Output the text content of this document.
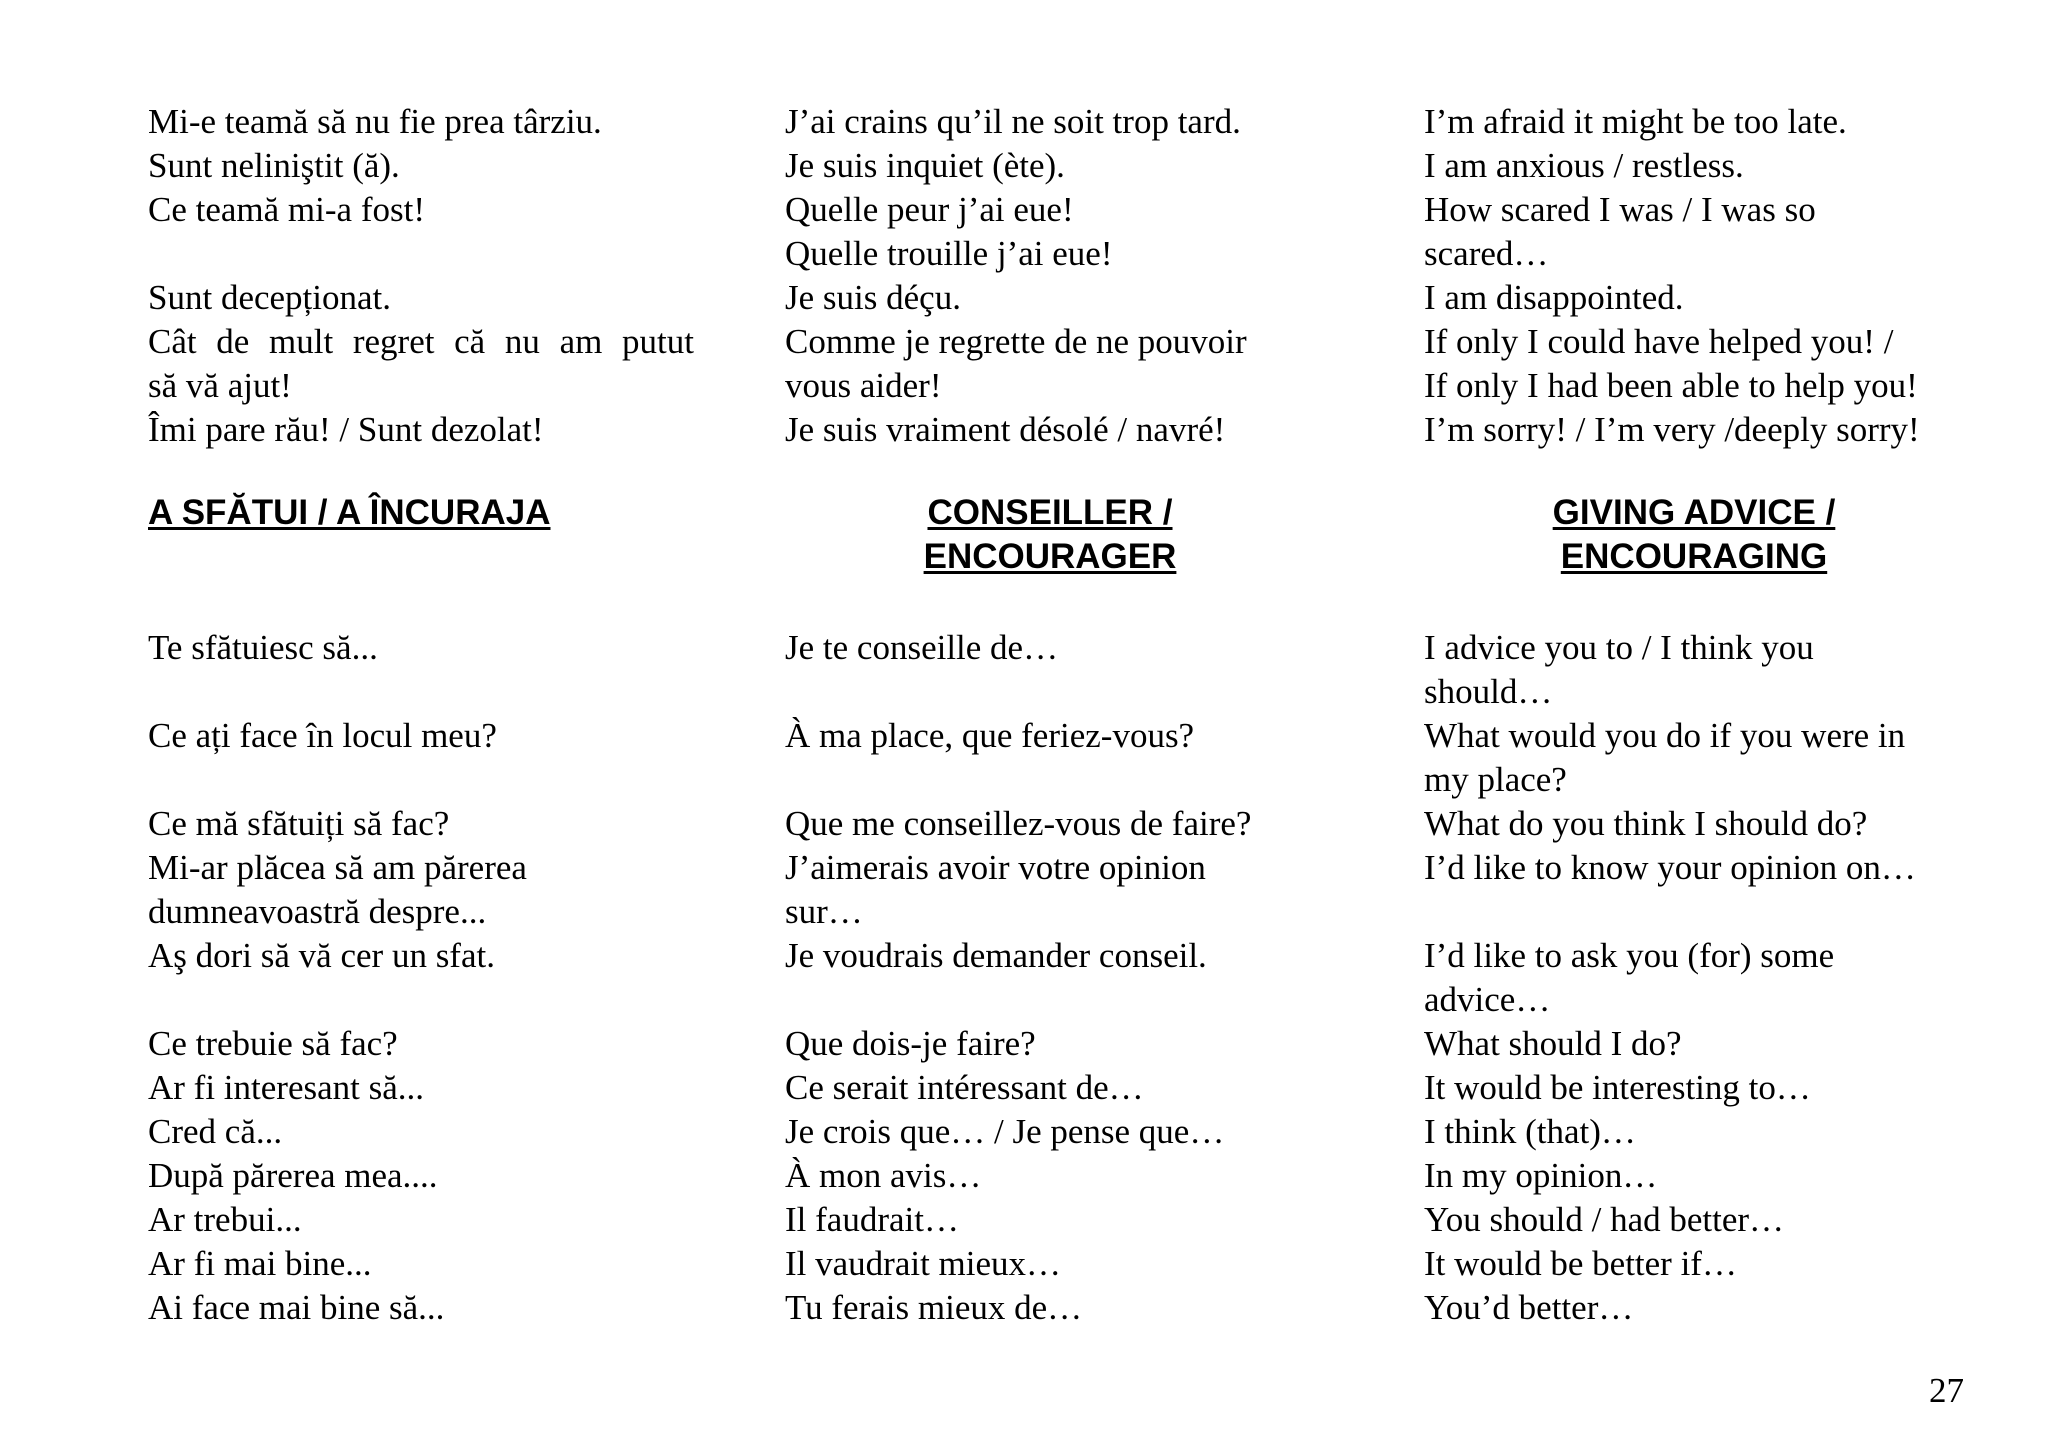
Mi-e teamă să nu fie prea târziu.
Sunt neliniştit (ă).
Ce teamă mi-a fost!
Sunt decepționat.
Cât de mult regret că nu am putut
să vă ajut!
Îmi pare rău! / Sunt dezolat!
A SFĂTUI / A ÎNCURAJA
Te sfătuiesc să...
Ce ați face în locul meu?
Ce mă sfătuiți să fac?
Mi-ar plăcea să am părerea
dumneavoastră despre...
Aş dori să vă cer un sfat.
Ce trebuie să fac?
Ar fi interesant să...
Cred că...
După părerea mea....
Ar trebui...
Ar fi mai bine...
Ai face mai bine să...
J’ai crains qu’il ne soit trop tard.
Je suis inquiet (ète).
Quelle peur j’ai eue!
Quelle trouille j’ai eue!
Je suis déçu.
Comme je regrette de ne pouvoir
vous aider!
Je suis vraiment désolé / navré!
CONSEILLER /
ENCOURAGER
Je te conseille de…
À ma place, que feriez-vous?
Que me conseillez-vous de faire?
J’aimerais avoir votre opinion
sur…
Je voudrais demander conseil.
Que dois-je faire?
Ce serait intéressant de…
Je crois que… / Je pense que…
À mon avis…
Il faudrait…
Il vaudrait mieux…
Tu ferais mieux de…
I’m afraid it might be too late.
I am anxious / restless.
How scared I was / I was so
scared…
I am disappointed.
If only I could have helped you! /
If only I had been able to help you!
I’m sorry! / I’m very /deeply sorry!
GIVING ADVICE /
ENCOURAGING
I advice you to / I think you
should…
What would you do if you were in
my place?
What do you think I should do?
I’d like to know your opinion on…
I’d like to ask you (for) some
advice…
What should I do?
It would be interesting to…
I think (that)…
In my opinion…
You should / had better…
It would be better if…
You’d better…
27
